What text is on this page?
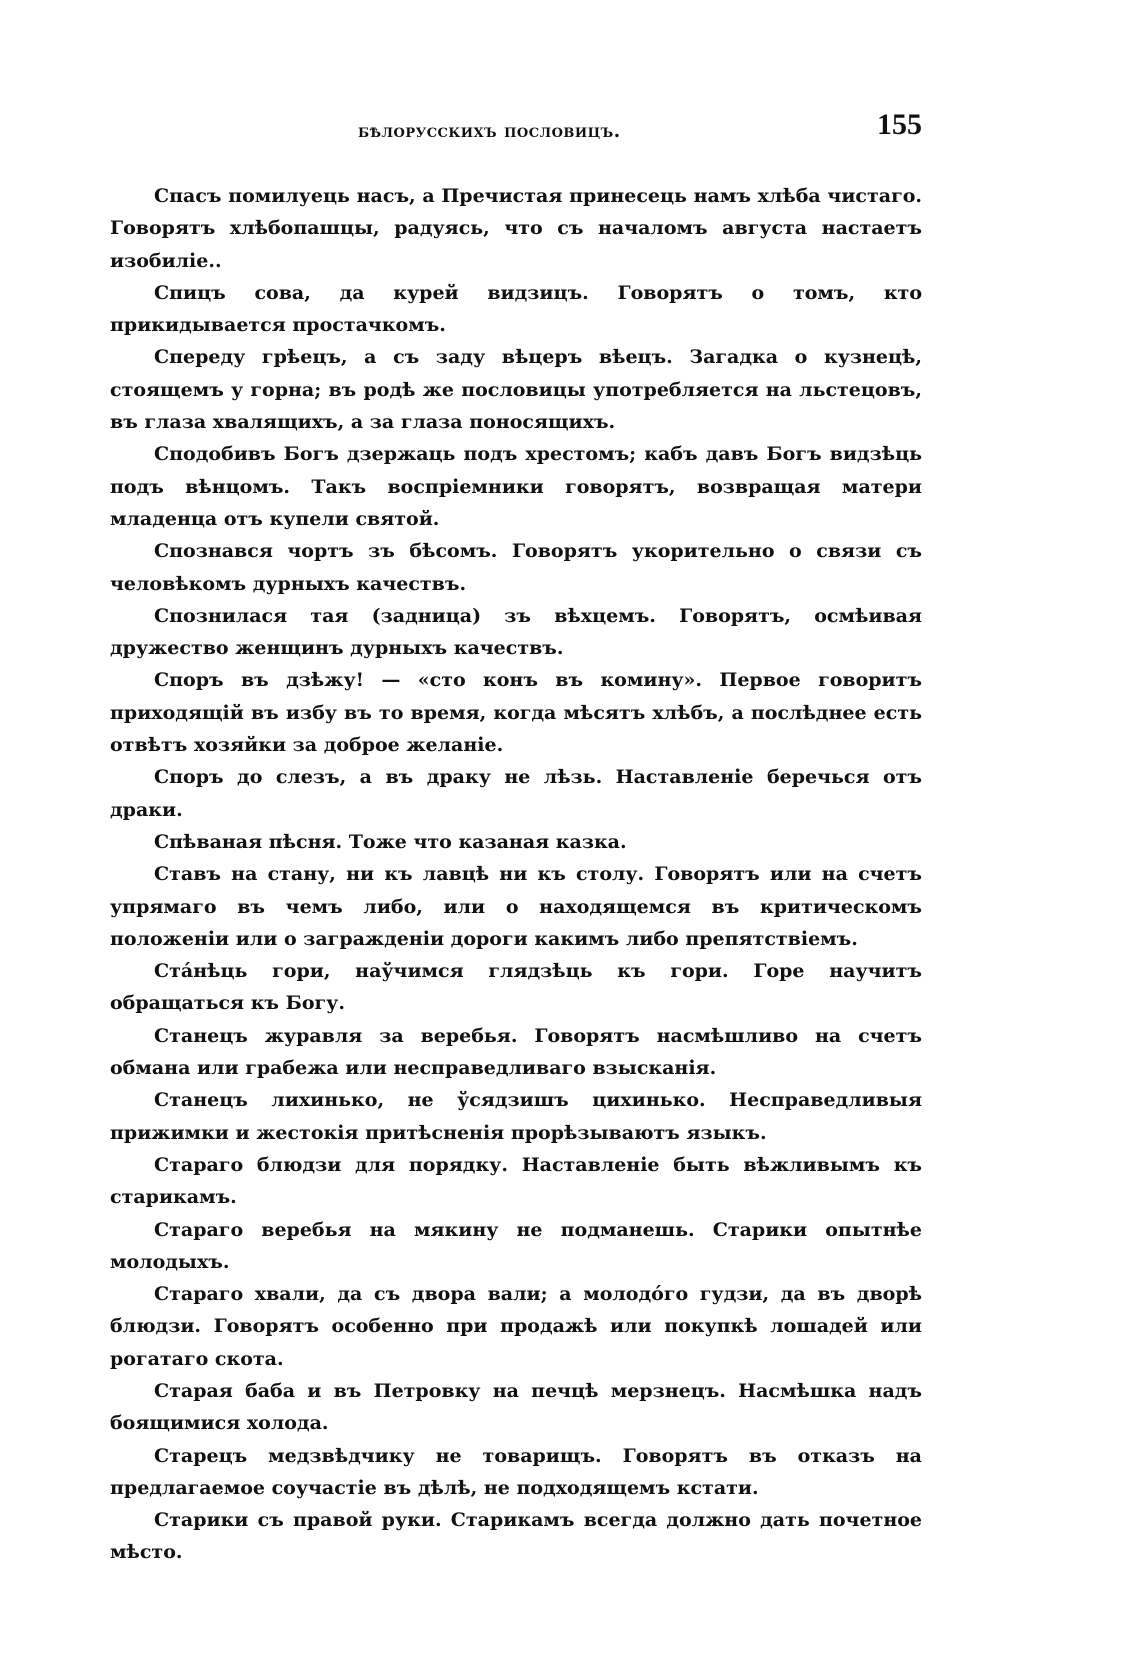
бѣлорусскихъ пословицъ.	155

Спасъ помилуець насъ, а Пречистая принесець намъ хлѣба чистаго. Говорятъ хлѣбопашцы, радуясь, что съ началомъ августа настаетъ изобиліе..

Спицъ сова, да курей видзицъ. Говорятъ о томъ, кто прикидывается простачкомъ.

Спереду грѣецъ, а съ заду вѣцеръ вѣецъ. Загадка о кузнецѣ, стоящемъ у горна; въ родѣ же пословицы употребляется на льстецовъ, въ глаза хвалящихъ, а за глаза поносящихъ.

Сподобивъ Богъ дзержаць подъ хрестомъ; кабъ давъ Богъ видзѣць подъ вѣнцомъ. Такъ воспріемники говорятъ, возвращая матери младенца отъ купели святой.

Спознався чортъ зъ бѣсомъ. Говорятъ укорительно о связи съ человѣкомъ дурныхъ качествъ.

Спознилася тая (задница) зъ вѣхцемъ. Говорятъ, осмѣивая дружество женщинъ дурныхъ качествъ.

Споръ въ дзѣжу! — «сто конъ въ комину». Первое говоритъ приходящій въ избу въ то время, когда мѣсятъ хлѣбъ, а послѣднее есть отвѣтъ хозяйки за доброе желаніе.

Споръ до слезъ, а въ драку не лѣзь. Наставленіе беречься отъ драки.

Спѣваная пѣсня. Тоже что казаная казка.

Ставъ на стану, ни къ лавцѣ ни къ столу. Говорятъ или на счетъ упрямаго въ чемъ либо, или о находящемся въ критическомъ положеніи или о загражденіи дороги какимъ либо препятствіемъ.

Стáнѣць гори, наўчимся глядзѣць къ гори. Горе научитъ обращаться къ Богу.

Станецъ журавля за веребья. Говорятъ насмѣшливо на счетъ обмана или грабежа или несправедливаго взысканія.

Станецъ лихинько, не ўсядзишъ цихинько. Несправедливыя прижимки и жестокія притѣсненія прорѣзываютъ языкъ.

Стараго блюдзи для порядку. Наставленіе быть вѣжливымъ къ старикамъ.

Стараго веребья на мякину не подманешь. Старики опытнѣе молодыхъ.

Стараго хвали, да съ двора вали; а молодóго гудзи, да въ дворѣ блюдзи. Говорятъ особенно при продажѣ или покупкѣ лошадей или рогатаго скота.

Старая баба и въ Петровку на печцѣ мерзнецъ. Насмѣшка надъ боящимися холода.

Старецъ медзвѣдчику не товарищъ. Говорятъ въ отказъ на предлагаемое соучастіе въ дѣлѣ, не подходящемъ кстати.

Старики съ правой руки. Старикамъ всегда должно дать почетное мѣсто.
